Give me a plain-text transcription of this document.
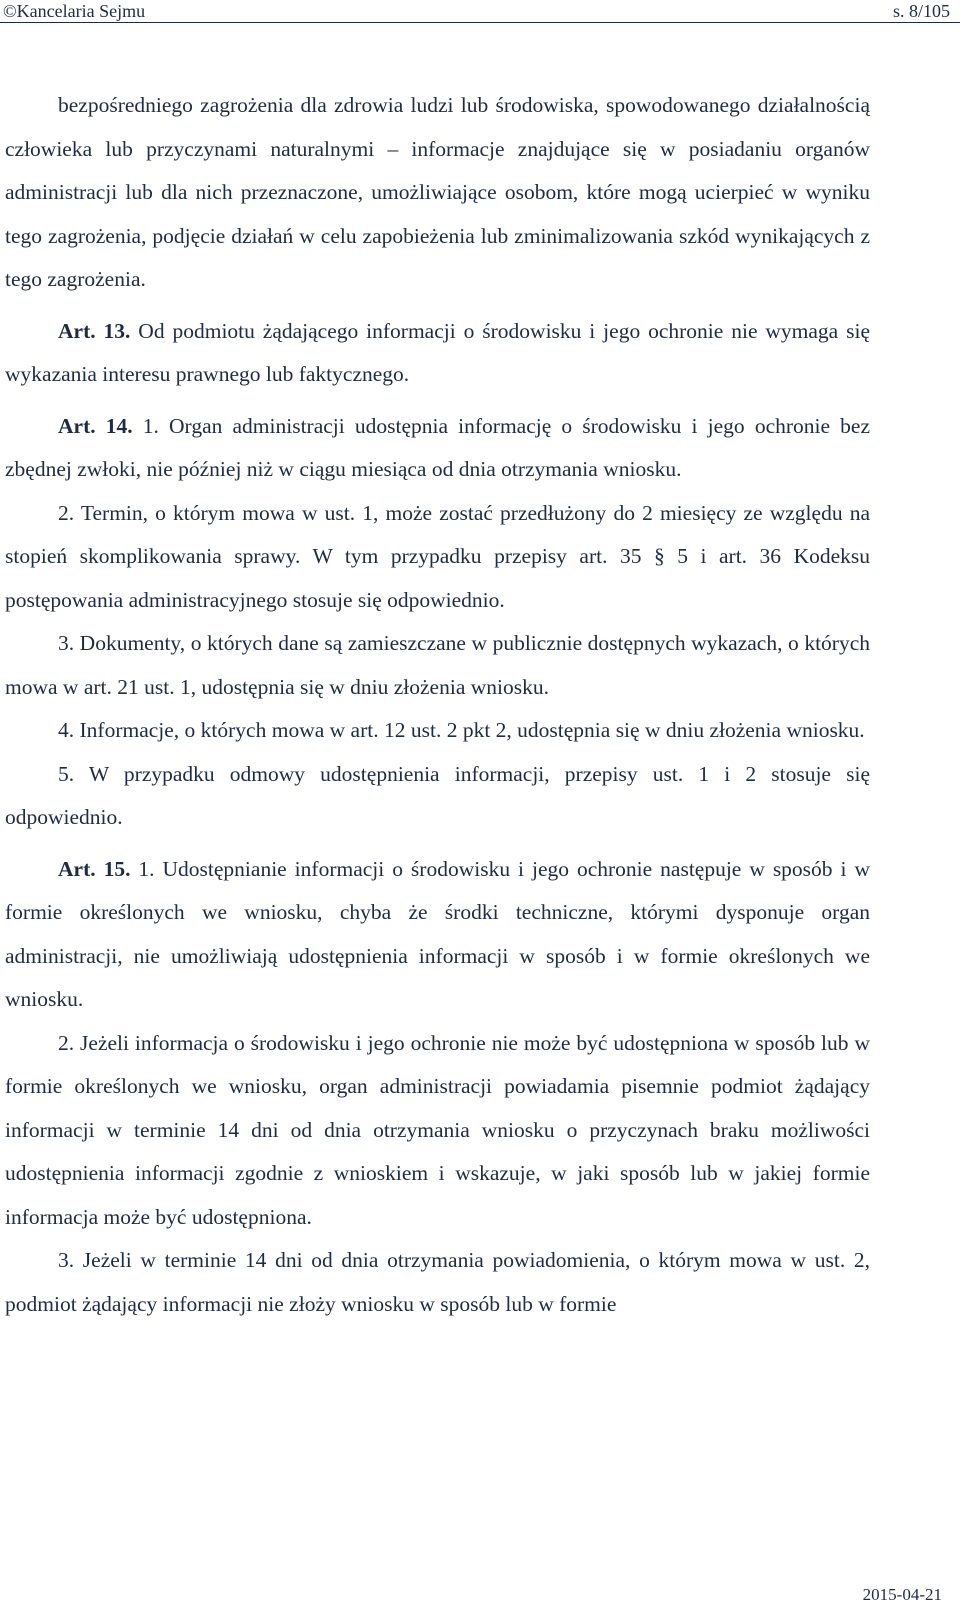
©Kancelaria Sejmu	s. 8/105

bezpośredniego zagrożenia dla zdrowia ludzi lub środowiska, spowodowanego działalnością człowieka lub przyczynami naturalnymi – informacje znajdujące się w posiadaniu organów administracji lub dla nich przeznaczone, umożliwiające osobom, które mogą ucierpieć w wyniku tego zagrożenia, podjęcie działań w celu zapobieżenia lub zminimalizowania szkód wynikających z tego zagrożenia.

Art. 13. Od podmiotu żądającego informacji o środowisku i jego ochronie nie wymaga się wykazania interesu prawnego lub faktycznego.

Art. 14. 1. Organ administracji udostępnia informację o środowisku i jego ochronie bez zbędnej zwłoki, nie później niż w ciągu miesiąca od dnia otrzymania wniosku.

2. Termin, o którym mowa w ust. 1, może zostać przedłużony do 2 miesięcy ze względu na stopień skomplikowania sprawy. W tym przypadku przepisy art. 35 § 5 i art. 36 Kodeksu postępowania administracyjnego stosuje się odpowiednio.

3. Dokumenty, o których dane są zamieszczane w publicznie dostępnych wykazach, o których mowa w art. 21 ust. 1, udostępnia się w dniu złożenia wniosku.

4. Informacje, o których mowa w art. 12 ust. 2 pkt 2, udostępnia się w dniu złożenia wniosku.

5. W przypadku odmowy udostępnienia informacji, przepisy ust. 1 i 2 stosuje się odpowiednio.

Art. 15. 1. Udostępnianie informacji o środowisku i jego ochronie następuje w sposób i w formie określonych we wniosku, chyba że środki techniczne, którymi dysponuje organ administracji, nie umożliwiają udostępnienia informacji w sposób i w formie określonych we wniosku.

2. Jeżeli informacja o środowisku i jego ochronie nie może być udostępniona w sposób lub w formie określonych we wniosku, organ administracji powiadamia pisemnie podmiot żądający informacji w terminie 14 dni od dnia otrzymania wniosku o przyczynach braku możliwości udostępnienia informacji zgodnie z wnioskiem i wskazuje, w jaki sposób lub w jakiej formie informacja może być udostępniona.

3. Jeżeli w terminie 14 dni od dnia otrzymania powiadomienia, o którym mowa w ust. 2, podmiot żądający informacji nie złoży wniosku w sposób lub w formie

2015-04-21
